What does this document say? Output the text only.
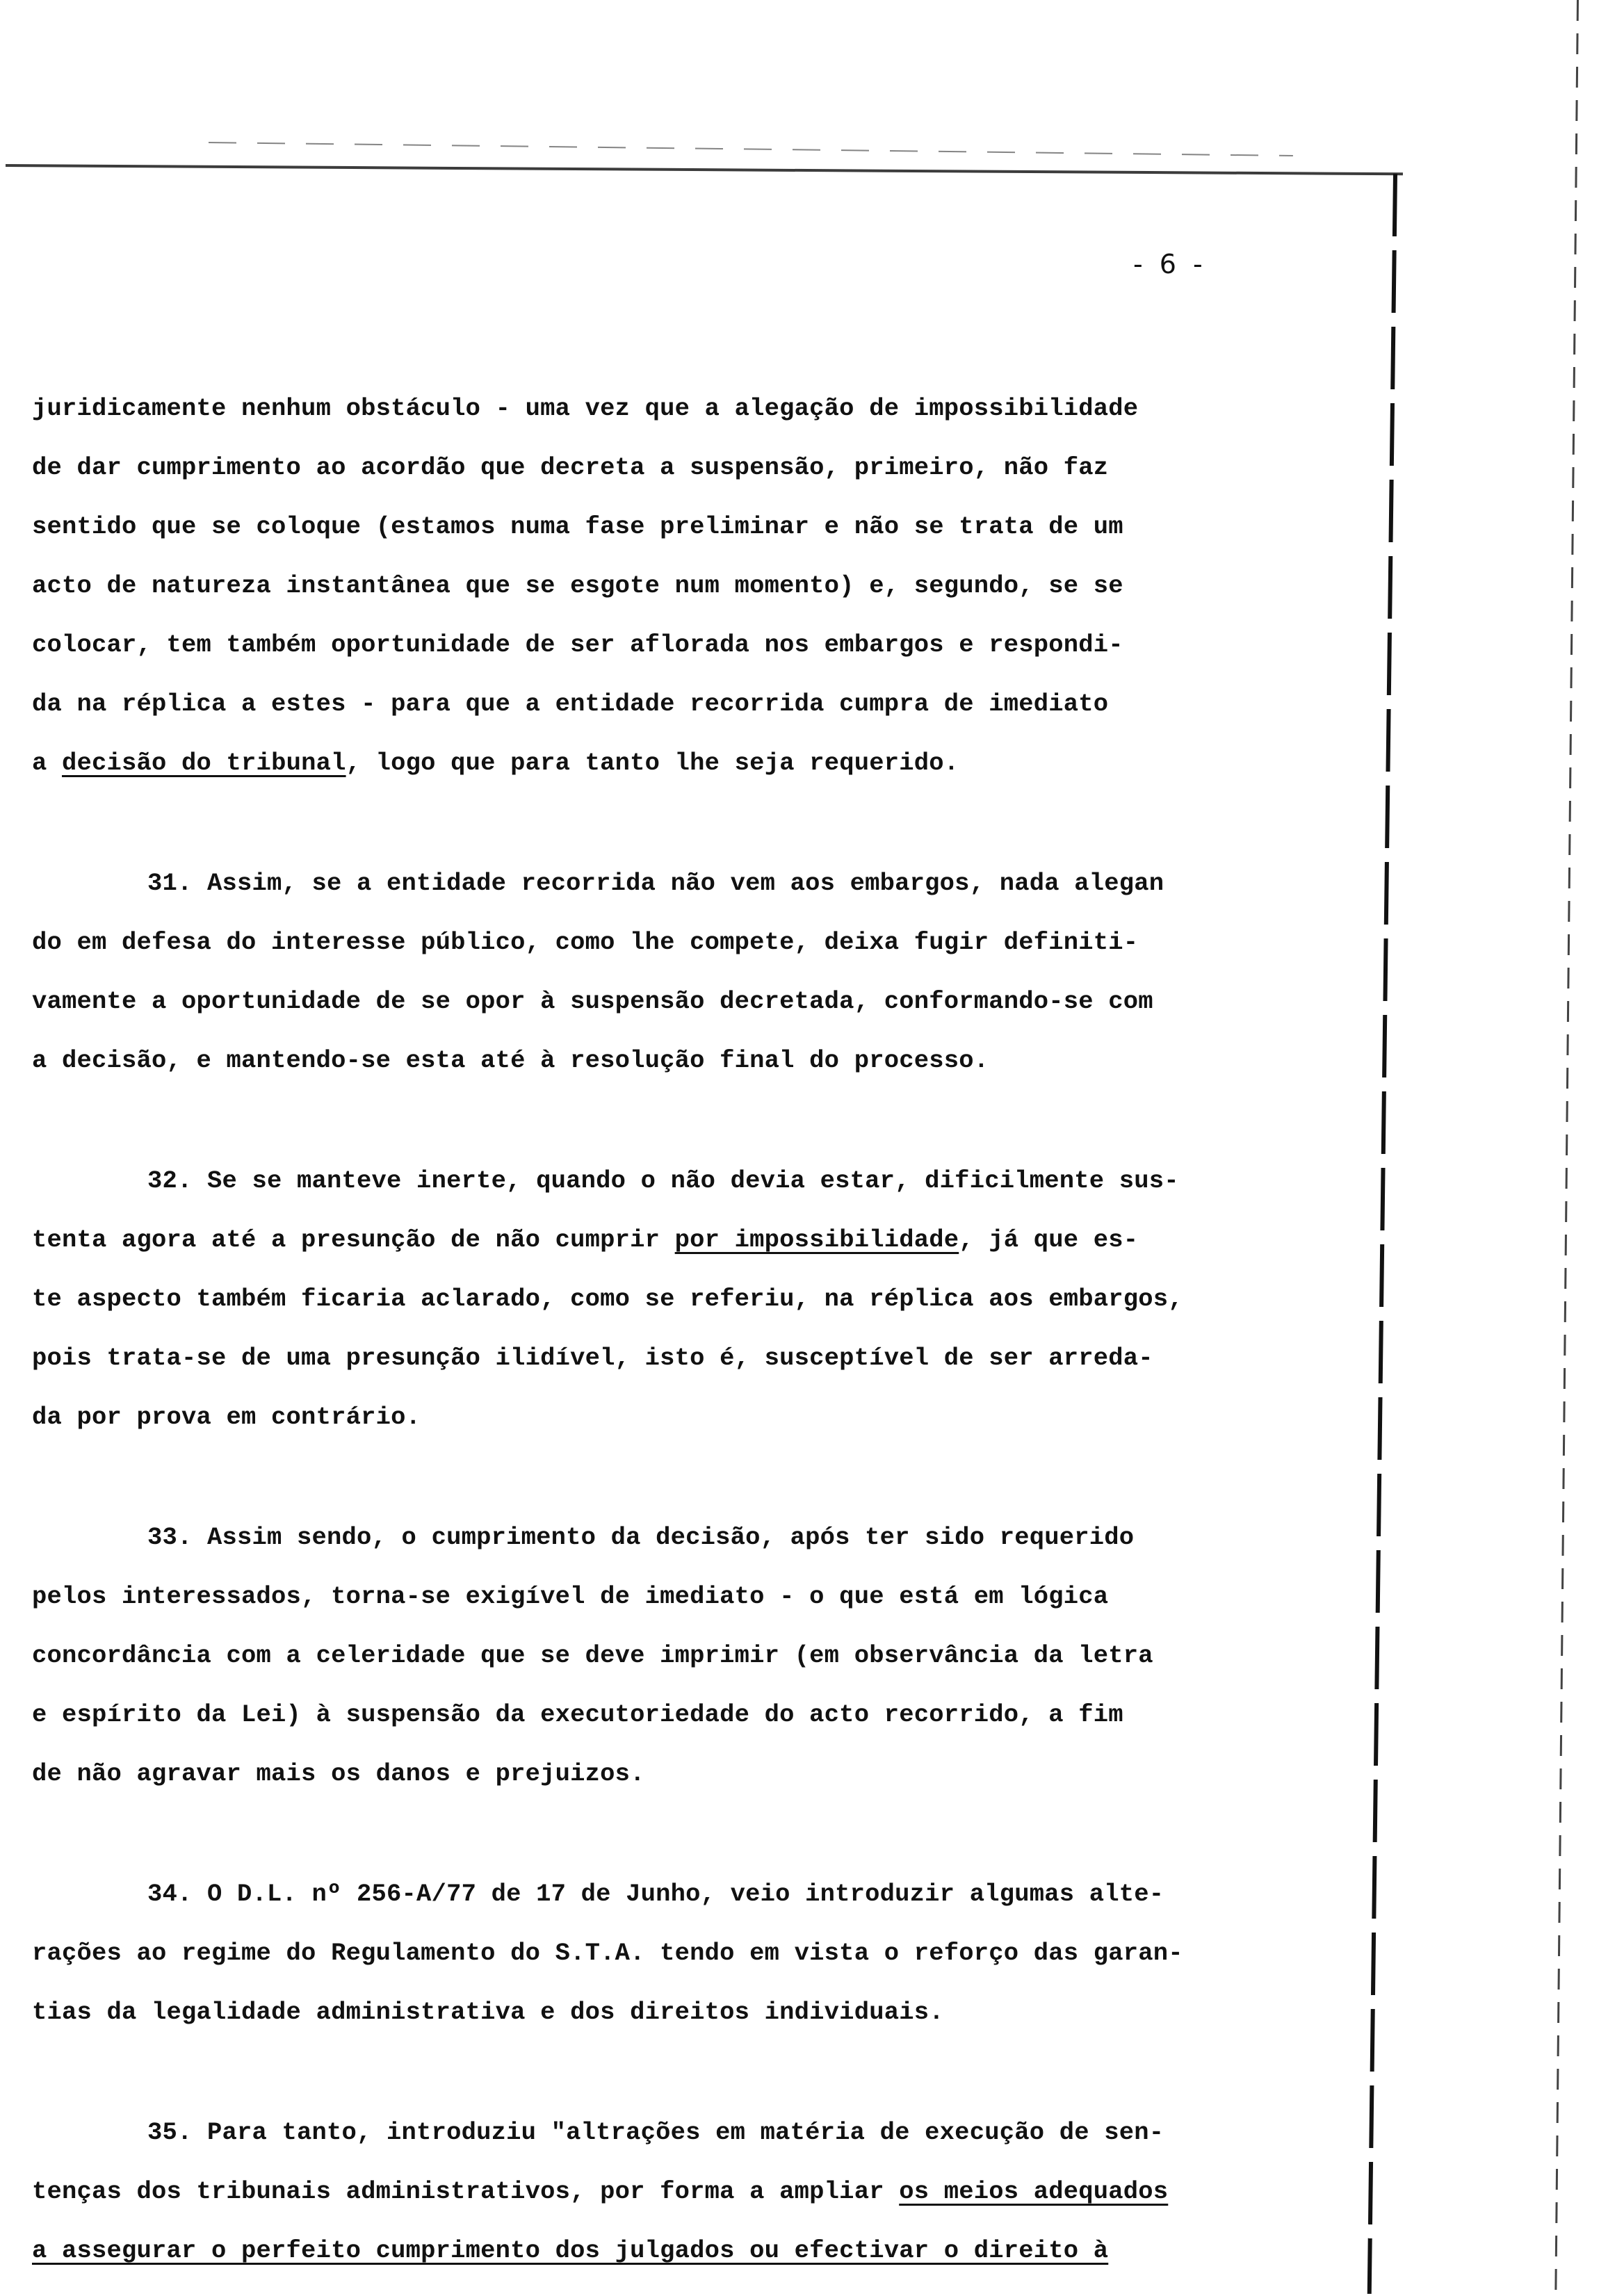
- 6 -
juridicamente nenhum obstáculo - uma vez que a alegação de impossibilidade
de dar cumprimento ao acordão que decreta a suspensão, primeiro, não faz
sentido que se coloque (estamos numa fase preliminar e não se trata de um
acto de natureza instantânea que se esgote num momento) e, segundo, se se
colocar, tem também oportunidade de ser aflorada nos embargos e respondi-
da na réplica a estes - para que a entidade recorrida cumpra de imediato
a decisão do tribunal, logo que para tanto lhe seja requerido.
31. Assim, se a entidade recorrida não vem aos embargos, nada alegan
do em defesa do interesse público, como lhe compete, deixa fugir definiti-
vamente a oportunidade de se opor à suspensão decretada, conformando-se com
a decisão, e mantendo-se esta até à resolução final do processo.
32. Se se manteve inerte, quando o não devia estar, dificilmente sus-
tenta agora até a presunção de não cumprir por impossibilidade, já que es-
te aspecto também ficaria aclarado, como se referiu, na réplica aos embargos,
pois trata-se de uma presunção ilidível, isto é, susceptível de ser arreda-
da por prova em contrário.
33. Assim sendo, o cumprimento da decisão, após ter sido requerido
pelos interessados, torna-se exigível de imediato - o que está em lógica
concordância com a celeridade que se deve imprimir (em observância da letra
e espírito da Lei) à suspensão da executoriedade do acto recorrido, a fim
de não agravar mais os danos e prejuizos.
34. O D.L. nº 256-A/77 de 17 de Junho, veio introduzir algumas alte-
rações ao regime do Regulamento do S.T.A. tendo em vista o reforço das garan-
tias da legalidade administrativa e dos direitos individuais.
35. Para tanto, introduziu "altrações em matéria de execução de sen-
tenças dos tribunais administrativos, por forma a ampliar os meios adequados
a assegurar o perfeito cumprimento dos julgados ou efectivar o direito à
